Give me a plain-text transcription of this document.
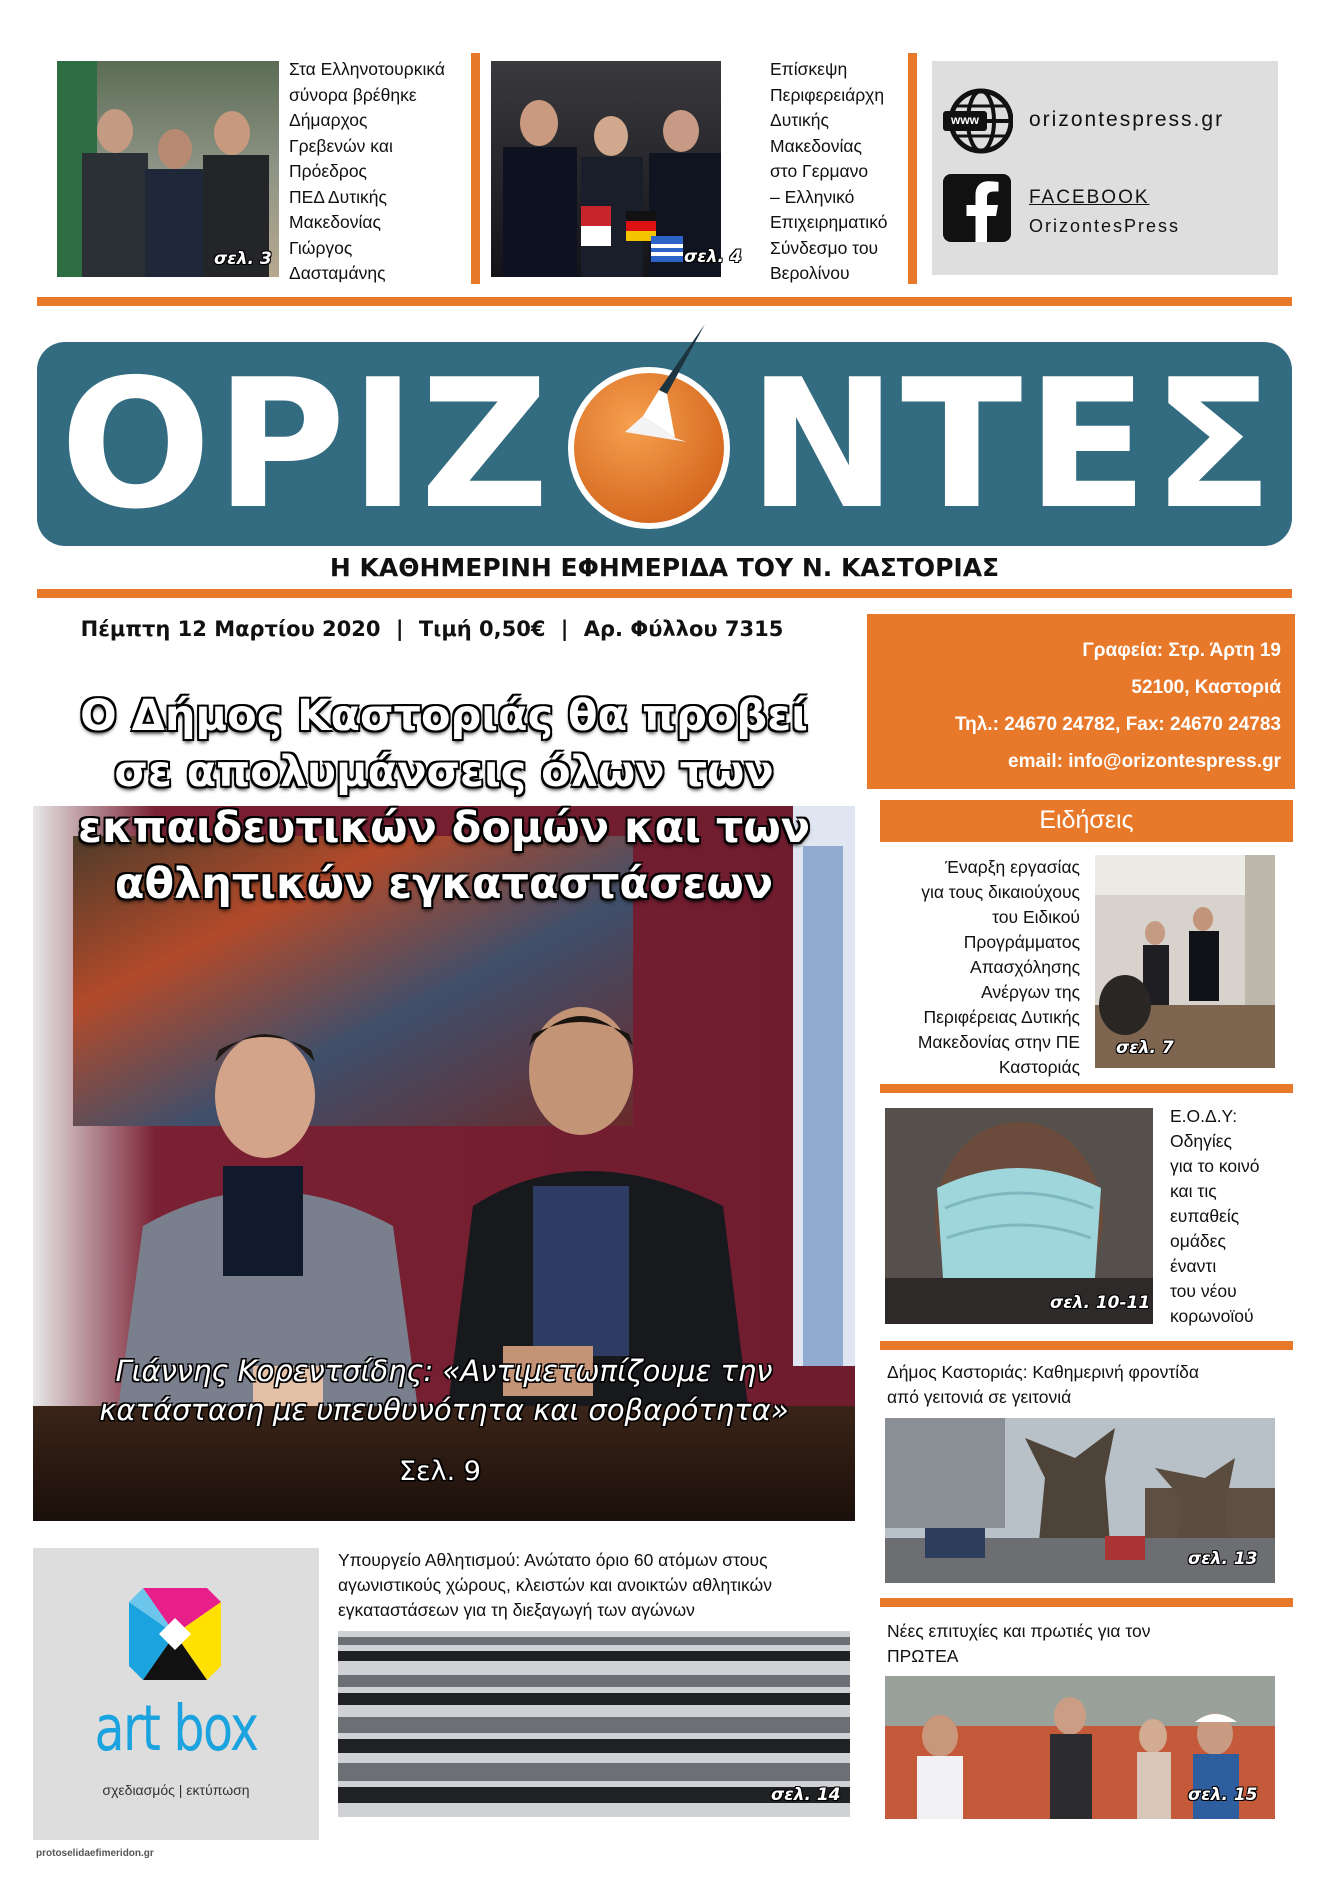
σελ. 3
Στα Ελληνοτουρκικά
σύνορα βρέθηκε
Δήμαρχος
Γρεβενών και
Πρόεδρος
ΠΕΔ Δυτικής
Μακεδονίας
Γιώργος
Δασταμάνης
σελ. 4
Επίσκεψη
Περιφερειάρχη
Δυτικής
Μακεδονίας
στο Γερμανο
– Ελληνικό
Επιχειρηματικό
Σύνδεσμο του
Βερολίνου
www orizontespress.gr
FACEBOOK
OrizontesPress
ΟΡΙΖ ΝΤΕΣ
Η ΚΑΘΗΜΕΡΙΝΗ ΕΦΗΜΕΡΙΔΑ ΤΟΥ Ν. ΚΑΣΤΟΡΙΑΣ
Πέμπτη 12 Μαρτίου 2020 | Τιμή 0,50€ | Αρ. Φύλλου 7315
Γραφεία: Στρ. Άρτη 19
52100, Καστοριά
Τηλ.: 24670 24782, Fax: 24670 24783
email: info@orizontespress.gr
Ο Δήμος Καστοριάς θα προβεί
σε απολυμάνσεις όλων των
εκπαιδευτικών δομών και των
αθλητικών εγκαταστάσεων
Γιάννης Κορεντσίδης: «Αντιμετωπίζουμε την
κατάσταση με υπευθυνότητα και σοβαρότητα»
Σελ. 9
Ειδήσεις
Έναρξη εργασίας
για τους δικαιούχους
του Ειδικού
Προγράμματος
Απασχόλησης
Ανέργων της
Περιφέρειας Δυτικής
Μακεδονίας στην ΠΕ
Καστοριάς
σελ. 7
σελ. 10-11
Ε.Ο.Δ.Υ:
Οδηγίες
για το κοινό
και τις
ευπαθείς
ομάδες
έναντι
του νέου
κορωνοϊού
Δήμος Καστοριάς: Καθημερινή φροντίδα
από γειτονιά σε γειτονιά
σελ. 13
Νέες επιτυχίες και πρωτιές για τον
ΠΡΩΤΕΑ
σελ. 15
art box
σχεδιασμός | εκτύπωση
protoselidaefimeridon.gr
Υπουργείο Αθλητισμού: Ανώτατο όριο 60 ατόμων στους
αγωνιστικούς χώρους, κλειστών και ανοικτών αθλητικών
εγκαταστάσεων για τη διεξαγωγή των αγώνων
σελ. 14
